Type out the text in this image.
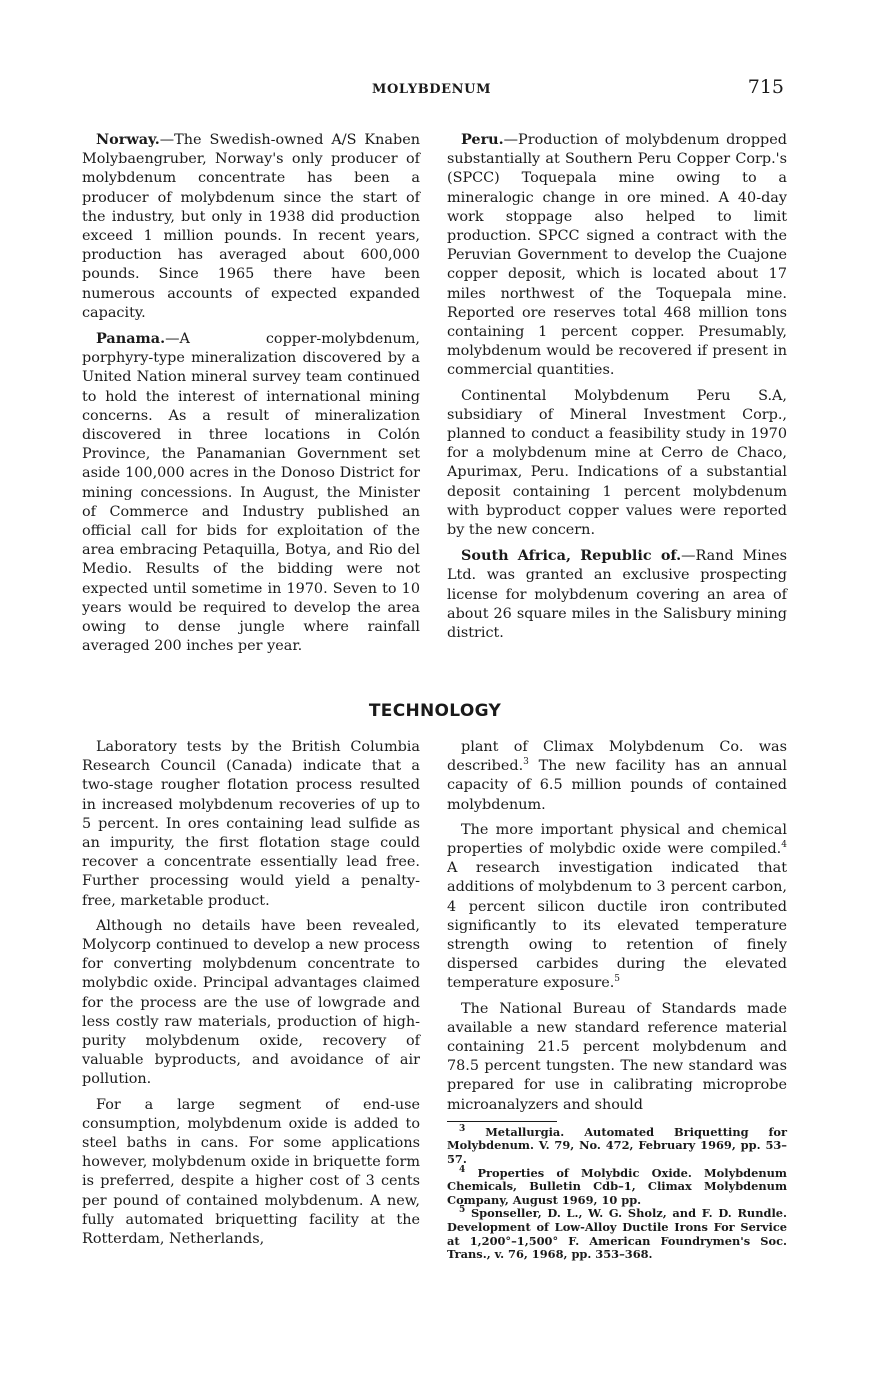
MOLYBDENUM	715

Norway.—The Swedish-owned A/S Knaben Molybaengruber, Norway's only producer of molybdenum concentrate has been a producer of molybdenum since the start of the industry, but only in 1938 did production exceed 1 million pounds. In recent years, production has averaged about 600,000 pounds. Since 1965 there have been numerous accounts of expected expanded capacity.

Panama.—A copper-molybdenum, porphyry-type mineralization discovered by a United Nation mineral survey team continued to hold the interest of international mining concerns. As a result of mineralization discovered in three locations in Colón Province, the Panamanian Government set aside 100,000 acres in the Donoso District for mining concessions. In August, the Minister of Commerce and Industry published an official call for bids for exploitation of the area embracing Petaquilla, Botya, and Rio del Medio. Results of the bidding were not expected until sometime in 1970. Seven to 10 years would be required to develop the area owing to dense jungle where rainfall averaged 200 inches per year.

Peru.—Production of molybdenum dropped substantially at Southern Peru Copper Corp.'s (SPCC) Toquepala mine owing to a mineralogic change in ore mined. A 40-day work stoppage also helped to limit production. SPCC signed a contract with the Peruvian Government to develop the Cuajone copper deposit, which is located about 17 miles northwest of the Toquepala mine. Reported ore reserves total 468 million tons containing 1 percent copper. Presumably, molybdenum would be recovered if present in commercial quantities.

Continental Molybdenum Peru S.A, subsidiary of Mineral Investment Corp., planned to conduct a feasibility study in 1970 for a molybdenum mine at Cerro de Chaco, Apurimax, Peru. Indications of a substantial deposit containing 1 percent molybdenum with byproduct copper values were reported by the new concern.

South Africa, Republic of.—Rand Mines Ltd. was granted an exclusive prospecting license for molybdenum covering an area of about 26 square miles in the Salisbury mining district.

TECHNOLOGY

Laboratory tests by the British Columbia Research Council (Canada) indicate that a two-stage rougher flotation process resulted in increased molybdenum recoveries of up to 5 percent. In ores containing lead sulfide as an impurity, the first flotation stage could recover a concentrate essentially lead free. Further processing would yield a penalty-free, marketable product.

Although no details have been revealed, Molycorp continued to develop a new process for converting molybdenum concentrate to molybdic oxide. Principal advantages claimed for the process are the use of lowgrade and less costly raw materials, production of high-purity molybdenum oxide, recovery of valuable byproducts, and avoidance of air pollution.

For a large segment of end-use consumption, molybdenum oxide is added to steel baths in cans. For some applications however, molybdenum oxide in briquette form is preferred, despite a higher cost of 3 cents per pound of contained molybdenum. A new, fully automated briquetting facility at the Rotterdam, Netherlands,

plant of Climax Molybdenum Co. was described.$^3$ The new facility has an annual capacity of 6.5 million pounds of contained molybdenum.

The more important physical and chemical properties of molybdic oxide were compiled.$^4$ A research investigation indicated that additions of molybdenum to 3 percent carbon, 4 percent silicon ductile iron contributed significantly to its elevated temperature strength owing to retention of finely dispersed carbides during the elevated temperature exposure.$^5$

The National Bureau of Standards made available a new standard reference material containing 21.5 percent molybdenum and 78.5 percent tungsten. The new standard was prepared for use in calibrating microprobe microanalyzers and should

$^3$ Metallurgia. Automated Briquetting for Molybdenum. V. 79, No. 472, February 1969, pp. 53–57.

$^4$ Properties of Molybdic Oxide. Molybdenum Chemicals, Bulletin Cdb–1, Climax Molybdenum Company, August 1969, 10 pp.

$^5$ Sponseller, D. L., W. G. Sholz, and F. D. Rundle. Development of Low-Alloy Ductile Irons For Service at 1,200°–1,500° F. American Foundrymen's Soc. Trans., v. 76, 1968, pp. 353–368.
